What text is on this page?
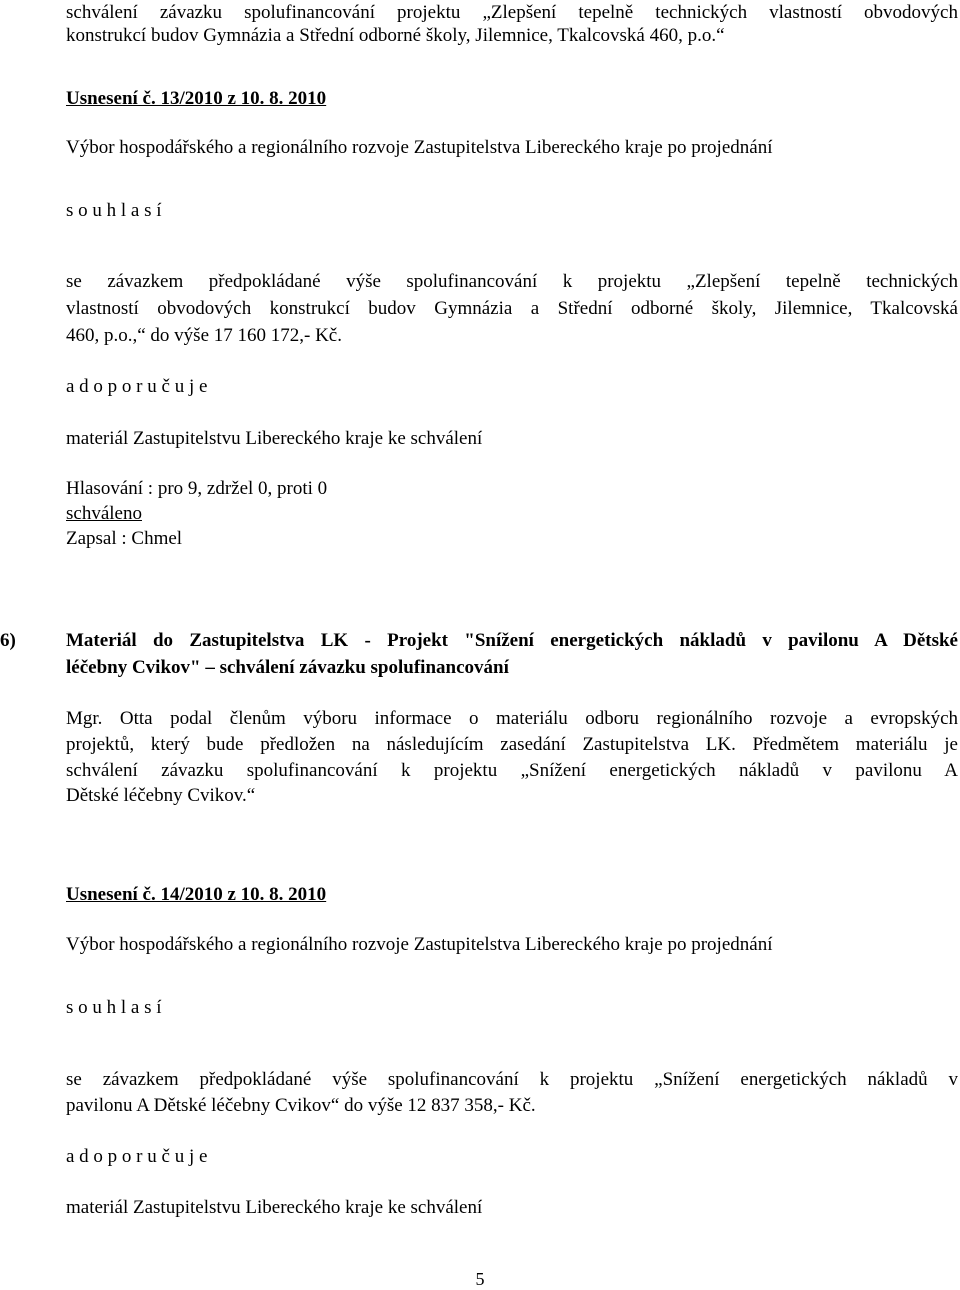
schválení závazku spolufinancování projektu „Zlepšení tepelně technických vlastností obvodových
konstrukcí budov Gymnázia a Střední odborné školy, Jilemnice, Tkalcovská 460, p.o.“
Usnesení č. 13/2010 z 10. 8. 2010
Výbor hospodářského a regionálního rozvoje Zastupitelstva Libereckého kraje po projednání
s o u h l a s í
se závazkem předpokládané výše spolufinancování k projektu „Zlepšení tepelně technických
vlastností obvodových konstrukcí budov Gymnázia a Střední odborné školy, Jilemnice, Tkalcovská
460, p.o.,“ do výše 17 160 172,- Kč.
a d o p o r u č u j e
materiál Zastupitelstvu Libereckého kraje ke schválení
Hlasování : pro 9, zdržel 0, proti 0
schváleno
Zapsal : Chmel
6)	Materiál do Zastupitelstva LK - Projekt "Snížení energetických nákladů v pavilonu A Dětské
léčebny Cvikov" – schválení závazku spolufinancování
Mgr. Otta podal členům výboru informace o materiálu odboru regionálního rozvoje a evropských
projektů, který bude předložen na následujícím zasedání Zastupitelstva LK. Předmětem materiálu je
schválení závazku spolufinancování k projektu „Snížení energetických nákladů v pavilonu A
Dětské léčebny Cvikov.“
Usnesení č. 14/2010 z 10. 8. 2010
Výbor hospodářského a regionálního rozvoje Zastupitelstva Libereckého kraje po projednání
s o u h l a s í
se závazkem předpokládané výše spolufinancování k projektu „Snížení energetických nákladů v
pavilonu A Dětské léčebny Cvikov“ do výše 12 837 358,- Kč.
a d o p o r u č u j e
materiál Zastupitelstvu Libereckého kraje ke schválení
5
